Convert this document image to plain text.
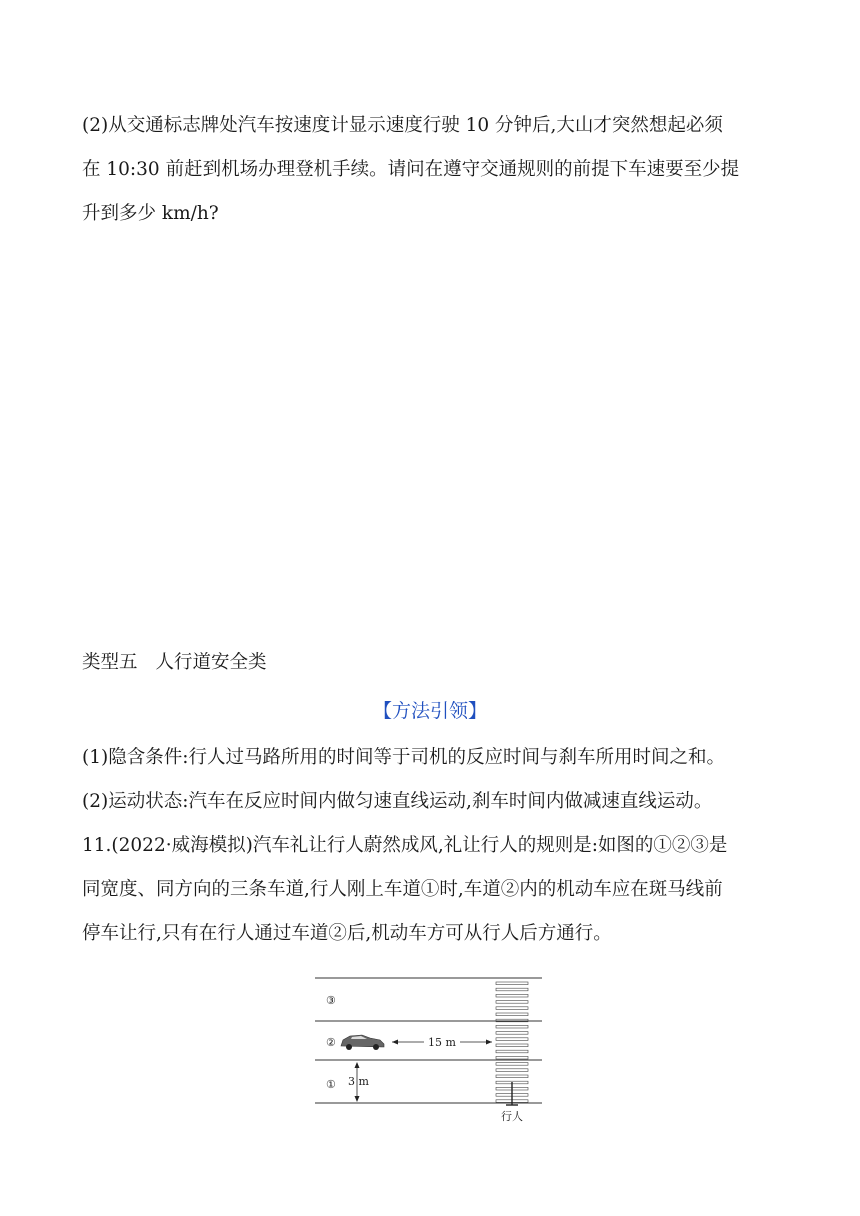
(2)从交通标志牌处汽车按速度计显示速度行驶 10 分钟后,大山才突然想起必须
在 10:30 前赶到机场办理登机手续。请问在遵守交通规则的前提下车速要至少提
升到多少 km/h?
类型五 人行道安全类
【方法引领】
(1)隐含条件:行人过马路所用的时间等于司机的反应时间与刹车所用时间之和。
(2)运动状态:汽车在反应时间内做匀速直线运动,刹车时间内做减速直线运动。
11.(2022·威海模拟)汽车礼让行人蔚然成风,礼让行人的规则是:如图的①②③是
同宽度、同方向的三条车道,行人刚上车道①时,车道②内的机动车应在斑马线前
停车让行,只有在行人通过车道②后,机动车方可从行人后方通行。
③
②
①
15 m
3 m
行人
